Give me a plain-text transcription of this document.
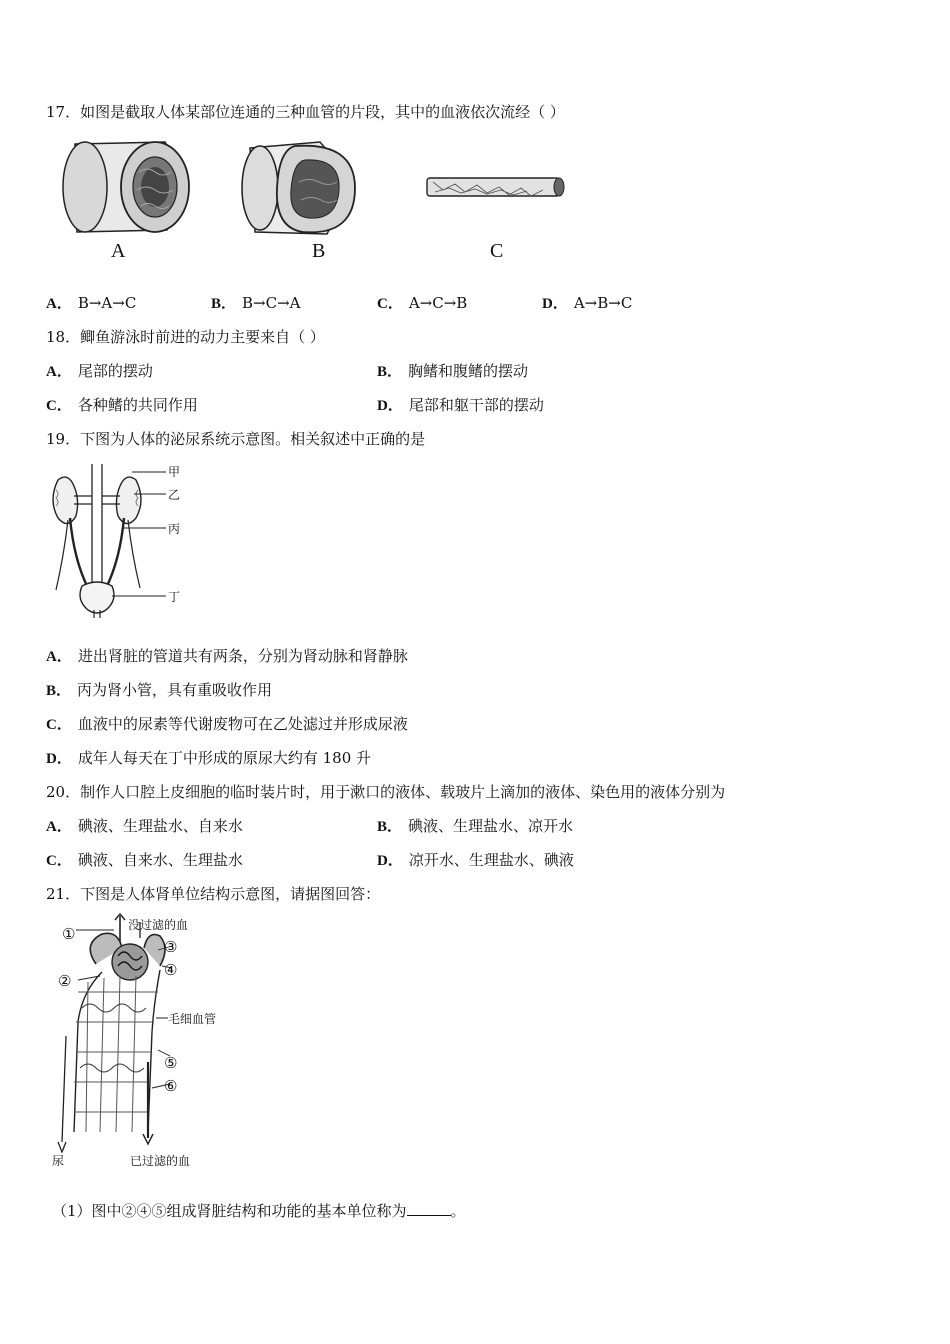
17．如图是截取人体某部位连通的三种血管的片段，其中的血液依次流经（ ）
A	B	C
A． B→A→C	B． B→C→A	C． A→C→B	D． A→B→C
18．鲫鱼游泳时前进的动力主要来自（ ）
A． 尾部的摆动	B． 胸鳍和腹鳍的摆动
C． 各种鳍的共同作用	D． 尾部和躯干部的摆动
19．下图为人体的泌尿系统示意图。相关叙述中正确的是
甲
乙
丙
丁
A． 进出肾脏的管道共有两条，分别为肾动脉和肾静脉
B． 丙为肾小管，具有重吸收作用
C． 血液中的尿素等代谢废物可在乙处滤过并形成尿液
D． 成年人每天在丁中形成的原尿大约有 180 升
20．制作人口腔上皮细胞的临时装片时，用于漱口的液体、载玻片上滴加的液体、染色用的液体分别为
A． 碘液、生理盐水、自来水	B． 碘液、生理盐水、凉开水
C． 碘液、自来水、生理盐水	D． 凉开水、生理盐水、碘液
21．下图是人体肾单位结构示意图，请据图回答：
①	没过滤的血
③
④
②
毛细血管
⑤
⑥
尿	已过滤的血
（1）图中②④⑤组成肾脏结构和功能的基本单位称为	。
